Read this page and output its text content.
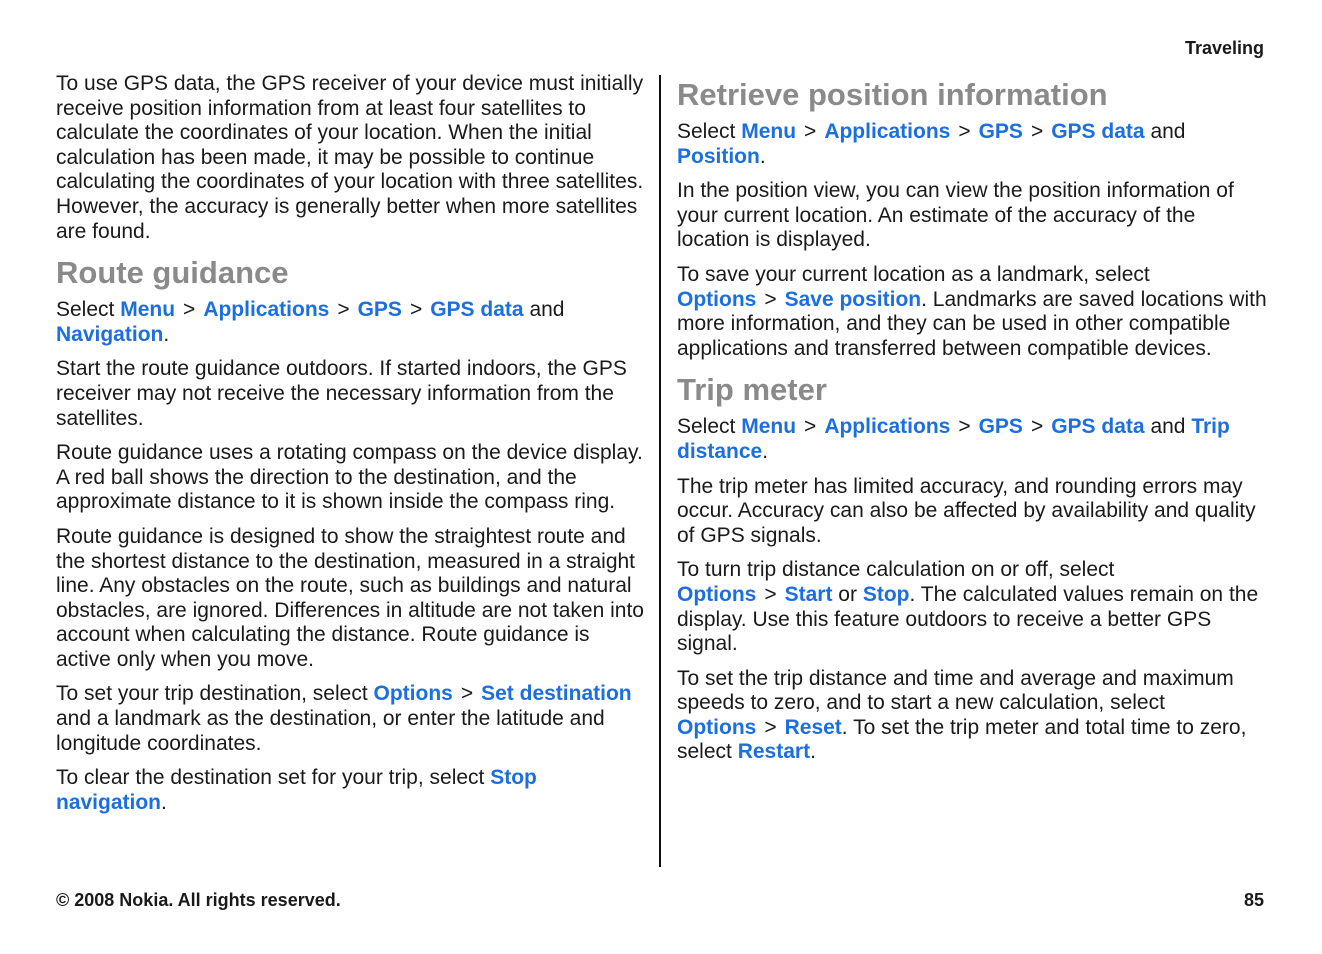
Traveling

To use GPS data, the GPS receiver of your device must initially receive position information from at least four satellites to calculate the coordinates of your location. When the initial calculation has been made, it may be possible to continue calculating the coordinates of your location with three satellites. However, the accuracy is generally better when more satellites are found.

Route guidance

Select Menu > Applications > GPS > GPS data and Navigation.

Start the route guidance outdoors. If started indoors, the GPS receiver may not receive the necessary information from the satellites.

Route guidance uses a rotating compass on the device display. A red ball shows the direction to the destination, and the approximate distance to it is shown inside the compass ring.

Route guidance is designed to show the straightest route and the shortest distance to the destination, measured in a straight line. Any obstacles on the route, such as buildings and natural obstacles, are ignored. Differences in altitude are not taken into account when calculating the distance. Route guidance is active only when you move.

To set your trip destination, select Options > Set destination and a landmark as the destination, or enter the latitude and longitude coordinates.

To clear the destination set for your trip, select Stop navigation.

Retrieve position information

Select Menu > Applications > GPS > GPS data and Position.

In the position view, you can view the position information of your current location. An estimate of the accuracy of the location is displayed.

To save your current location as a landmark, select Options > Save position. Landmarks are saved locations with more information, and they can be used in other compatible applications and transferred between compatible devices.

Trip meter

Select Menu > Applications > GPS > GPS data and Trip distance.

The trip meter has limited accuracy, and rounding errors may occur. Accuracy can also be affected by availability and quality of GPS signals.

To turn trip distance calculation on or off, select Options > Start or Stop. The calculated values remain on the display. Use this feature outdoors to receive a better GPS signal.

To set the trip distance and time and average and maximum speeds to zero, and to start a new calculation, select Options > Reset. To set the trip meter and total time to zero, select Restart.

© 2008 Nokia. All rights reserved.	85
